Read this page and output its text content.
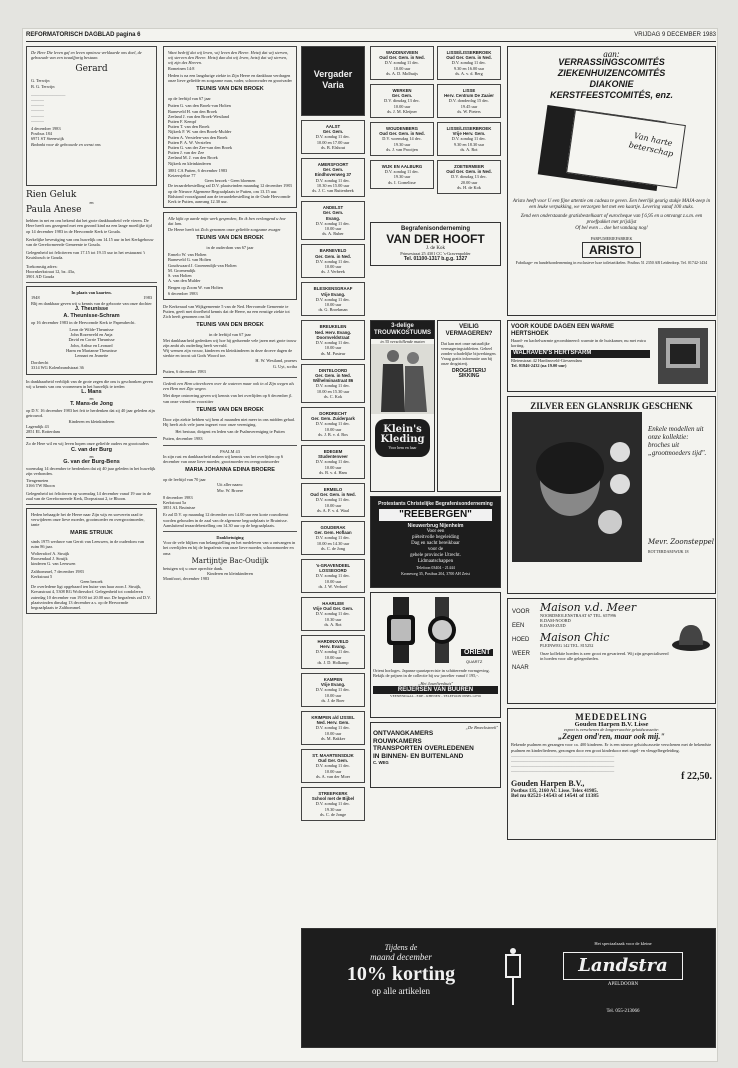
REFORMATORISCH DAGBLAD pagina 6	VRIJDAG 9 DECEMBER 1983
De Here Die leven gaf en leven opnieuw verklaarde ons doel, de gebouwde van een twaalfjarig bestaan.
Gerard
G. Terwijn
B. G. Terwijn
————————
———
———
———
———
———
4 december 1983
Postbus 184
6971 ST Steenwijk
Bedankt voor de gebouwde en wenst ons
Rien Geluk
en
Paula Anese
hebben in net en ons bekend dat het grote dankbaarheid vele vieren. De Here heeft ons gezegend met een gezond kind na een lange moeilijke tijd op 14 december 1983 in de Hervormde Kerk te Gouda.
Kerkelijke bevestiging van ons huwelijk om 14.15 uur in het Kerkgebouw van de Gereformeerde Gemeente te Gouda.
Gelegenheid tot feliciteren van 17.15 tot 19.15 uur in het restaurant 't Kruisbosch te Gouda.
Toekomstig adres:
Hoornkerkstraat 12, bz. 43a,
3901 AD Gouda
In plaats van kaarten.
1948	1983
Blij en dankbaar geven wij u kennis van de geboorte van onze dochter
J. Theunisse
A. Theunisse-Schram
op 16 december 1983 in de Hervormde Kerk te Papendrecht.
Leon de Wilde-Theunisse
John Rozenveld en Anja
David en Corrie Theunisse
John, Arthur en Leonard
Harm en Marianne Theunisse
Lennart en Jeanette
Dordrecht
3314 WG Kolenbrandstraat 36
In dankbaarheid verblijdt van de grote zegen die ons is geschonken geven wij u kennis van ons voornemen in het huwelijk te treden
L. Mans
en
T. Mans-de Jong
op D.V. 16 december 1983 het feit te herdenken dat zij 40 jaar geleden zijn getrouwd.
Kinderen en kleinkinderen
Lagendijk 43
2851 EL Rotterdam
Zo de Here wil en wij leven hopen onze geliefde ouders en grootouders
C. van der Burg
en
G. van der Burg-Bens
woensdag 14 december te herdenken dat zij 40 jaar geleden in het huwelijk zijn verbonden.
Tiengemeten
3166 TW Rhoon
Gelegenheid tot feliciteren op woensdag 14 december vanaf 19 uur in de zaal van de Gereformeerde Kerk, Dorpsstraat 2, te Rhoon.
Heden behaagde het de Heere naar Zijn wijs en soeverein raad te verwijderen onze lieve moeder, grootmoeder en overgrootmoeder, tante
MARIE STRUIJK
sinds 1975 weduwe van Gerrit van Leeuwen, in de ouderdom van ruim 86 jaar.
Woltersdorf A. Struijk
Roosendaal J. Struijk
kinderen G. van Leeuwen
Zaltbommel, 7 december 1983
Kerkstraat 5
Geen bezoek
De overledene ligt opgebaard ten huize van haar zoon J. Struijk, Kreuzstraat 4, 5308 RG Woltersdorf. Gelegenheid tot condoleren zaterdag 10 december van 19.00 tot 20.00 uur. De begrafenis zal D.V. plaatsvinden dinsdag 13 december a.s. op de Hervormde begraafplaats te Zaltbommel.
Want bedrijf dat wij leven, wij leven den Heere. Hetzij dat wij sterven, wij sterven den Heere. Hetzij dan dat wij leven, hetzij dat wij sterven, wij zijn des Heeren.
Romeinen 14:8
Heden is na een langdurige ziekte in Zijn Heere en dankbaar verdragen onze lieve geliefde en zorgzame man, vader, schoonvader en grootvader
TEUNIS VAN DEN BROEK
op de leeftijd van 67 jaar
Putten G. van den Broek-van Holten
Barneveld H. van den Broek
Zeeland J. van den Broek-Westland
Putten F. Kempf
Putten T. van den Broek
Nijkerk F. W. van den Broek-Mulder
Putten A. Verstelen-van den Broek
Putten P. A. W. Verstelen
Putten G. van der Zee-van den Broek
Putten J. van der Zee
Zeeland M. J. van den Broek
Nijkerk en kleinkinderen
3881 CA Putten, 6 december 1983
Keizersjeltse 77
Geen bezoek - Geen bloemen
De teraardebestelling zal D.V. plaatsvinden maandag 12 december 1983 op de Nieuwe Algemene Begraafplaats te Putten, om 13.15 uur. Bidstond voorafgaand aan de teraardebestelling in de Oude Hervormde Kerk te Putten, aanvang 12.30 uur.
Alle kijkt op aarde mijn werk gesproken, En ik ben verlangend u hoe dat lam.
De Heere heeft tot Zich genomen onze geliefde zorgzame zwager
TEUNIS VAN DEN BROEK
in de ouderdom van 67 jaar
Ermelo W. van Holten
Barneveld G. van Holten
Goudswaard J. Groenendijk-van Holten
M. Groenendijk
S. van Holten
A. van den Mulder
Bergen op Zoom W. van Holten
6 december 1983
De Kerkeraad van Wijkgemeente 5 van de Ned. Hervormde Gemeente te Putten, geeft met droefheid kennis dat de Heere, na een ernstige ziekte tot Zich heeft genomen ons lid
TEUNIS VAN DEN BROEK
in de leeftijd van 67 jaar
Met dankbaarheid gedenken wij hoe hij gedurende vele jaren met grote trouw zijn ambt als ouderling heeft vervuld.
Wij wensen zijn vrouw, kinderen en kleinkinderen in deze droeve dagen de sterkte en troost uit Gods Woord toe.
H. W. Westland, praeses
G. Uyt, scriba
Putten, 6 december 1983
Gedenk een Hem uitverkoren over de wateren maar ook in al Zijn wegen als een Hem met Zijn wegen.
Met diepe ontroering geven wij kennis van het overlijden op 6 december jl. van onze vriend en voorzitter
TEUNIS VAN DEN BROEK
Door zijn ziekte hebben wij hem al maanden niet meer in ons midden gehad. Hij heeft zich vele jaren ingezet voor onze vereniging.
Het bestuur, dirigent en leden van de Psalmvereniging te Putten
Putten, december 1983
PSALM 43
In zijn rust en dankbaarheid maken wij kennis van het overlijden op 6 december van onze lieve moeder, grootmoeder en overgrootmoeder
MARIA JOHANNA EDINA BROERE
op de leeftijd van 70 jaar
Uit aller naam:
Mw. W. Broere
8 december 1983
Kerkstraat 5a
3851 AL Bruinisse
Er zal D.V. op maandag 12 december om 14.00 uur een korte rouwdienst worden gehouden in de zaal van de algemene begraafplaats te Bruinisse. Aansluitend teraardebestelling om 14.30 uur op de begraafplaats.
Dankbetuiging
Voor de vele blijken van belangstelling en het medeleven van u ontvangen in het overlijden en bij de begrafenis van onze lieve moeder, schoonmoeder en oma
Martijntje Bac-Oudijk
betuigen wij u onze oprechte dank.
Kinderen en kleinkinderen
Montfoort, december 1983
Vergader Varia
AALST
Ger. Gem.
D.V. zondag 11 dec.
10.00 en 17.00 uur
ds. B. Elshout
AMERSFOORT
Ger. Gem.
Eindhovenweg 37
D.V. zondag 11 dec.
10.30 en 15.00 uur
ds. J. C. van Ruitenbeek
ANDELST
Ger. Gem.
Evang.
D.V. zondag 11 dec.
10.00 uur
ds. A. Ruber
BARNEVELD
Ger. Gem. in Ned.
D.V. zondag 11 dec.
10.00 uur
ds. J. Verbeek
BLESKENSGRAAF
Vrije Evang.
D.V. zondag 11 dec.
10.00 uur
ds. G. Broekman
BREUKELEN
Ned. Herv. Evang.
Doornveldstraat
D.V. zondag 11 dec.
10.00 uur
ds. M. Pasteur
DINTELOORD
Ger. Gem. in Ned.
Wilhelminastraat 86
D.V. zondag 11 dec.
10.00 en 15.30 uur
ds. C. Kok
DORDRECHT
Ger. Gem. Zuiderpark
D.V. zondag 11 dec.
10.00 uur
ds. J. B. v. d. Bos
EDEGEM
Studentenveer
D.V. zondag 11 dec.
10.00 uur
ds. B. v. d. Ham
ERMELO
Oud Ger. Gem. in Ned.
D.V. zondag 11 dec.
10.00 uur
ds. A. F. v. d. Waal
GOUDERAK
Ger. Gem. Hoflaan
D.V. zondag 11 dec.
10.00 en 14.30 uur
ds. C. de Jong
's-GRAVENDEEL
LOSSEOORD
D.V. zondag 11 dec.
10.00 uur
ds. J. W. Verhoef
HAARLEM
Vrije Oud Ger. Gem.
D.V. zondag 11 dec.
10.30 uur
ds. A. Rot
HARDINXVELD
Herv. Evang.
D.V. zondag 11 dec.
10.00 uur
ds. J. D. Holkamp
KAMPEN
Vrije Evang.
D.V. zondag 11 dec.
10.00 uur
ds. J. de Boer
KRIMPEN a/d IJSSEL
Ned. Herv. Gem.
D.V. zondag 11 dec.
10.00 uur
ds. M. Bakker
ST. MAARTENSDIJK
Oud Ger. Gem.
D.V. zondag 11 dec.
10.00 uur
ds. A. van der Moer
STREEFKERK
School met de Bijbel
D.V. zondag 11 dec.
19.30 uur
ds. C. de Jonge
WADDINXVEEN
Oud Ger. Gem. in Ned.
D.V. zondag 11 dec.
10.00 uur
ds. A. D. Molhuijs
WERKEN
Ger. Gem.
D.V. dinsdag 13 dec.
10.00 uur
ds. J. M. Kleijner
WOUDENBERG
Oud Ger. Gem. in Ned.
D.V. woensdag 14 dec.
19.30 uur
ds. J. van Prooijen
WIJK EN AALBURG
D.V. zondag 11 dec.
19.30 uur
ds. I. Cornelisse
LISSE/LISSERBROEK
Oud Ger. Gem. in Ned.
D.V. zondag 11 dec.
9.30 en 16.00 uur
ds. A. v. d. Berg
LISSE
Herv. Centrum De Zaaier
D.V. donderdag 15 dec.
19.45 uur
ds. W. Pieters
LISSE/LISSERBROEK
Vrije Herv. Gem.
D.V. zondag 11 dec.
9.30 en 18.30 uur
ds. A. Rot
ZOETERMEER
Oud Ger. Gem. in Ned.
D.V. dinsdag 13 dec.
20.00 uur
ds. H. de Kok
Begrafenisonderneming
VAN DER HOOFT
J. de Kok
Prinsestraat 25 4301 CC 's-Gravenpolder
Tel. 01100-1317 b.g.g. 1327
3-delige TROUWKOSTUUMS
in 35 verschillende maten
Klein's Kleding
Voor hem en haar
VEILIG VERMAGEREN?
Dat kan met onze natuurlijke vermageringstabletten. Geheel zonder schadelijke bijwerkingen. Vraag gratis informatie aan bij onze drogisterij.
DROGISTERIJ SIKKING
Protestants Christelijke Begrafenisonderneming
"REEBERGEN"
Nieuwerbrug Nijenheim
Voor een
piëteitvolle begeleiding
Dag en nacht bereikbaar
voor de
gehele provincie Utrecht.
Lidmaatschappen
Telefoon 03404 - 21444
Kroneweg 35, Postbus 204, 3700 AH Zeist
ORIENT
QUARTZ
Orient horloges. Japanse quartzprecisie in schitterende vormgeving. Bekijk de prijsen in de collectie bij uw juwelier vanaf f 195,-.
„Het Juweliershuis"
REIJERSEN VAN BUUREN
VEENENDAAL - EDE - RHENEN - TELEFOON 08385-14756
„De Broeckstreek"
ONTVANGKAMERS
ROUWKAMERS
TRANSPORTEN OVERLEDENEN
IN BINNEN- EN BUITENLAND
C. WEG
aan:
VERRASSINGSCOMITÉS
ZIEKENHUIZENCOMITÉS
DIAKONIE
KERSTFEESTCOMITÉS, enz.
Van harte beterschap
Aristo heeft voor U een fijne attentie om cadeau te geven. Een heerlijk geurig stukje MAJA-zeep in een leuke verpakking, we verzorgen het met een kaartje. Levering vanaf 100 stuks.
Zend een onderstaande gratisbestelkaart of eurocheque van f 6,95 en u ontvangt z.s.m. een proefpakket met prijslijst
Of bel even ... doe het vandaag nog!
PARFUMERIEFABRIEK
ARISTO
Fabrikage- en handelsonderneming in exclusieve luxe toiletartikelen. Postbus 51 2350 AB Leiderdorp. Tel. 01742-1434
VOOR KOUDE DAGEN EEN WARME HERTSHOEK
Haard- en kachelwarmte gecombineerd: warmte in de huiskamer, nu met extra korting.
WALRAVEN'S HERTSFARM
Bleienstraat 42 Hardinxveld-Giessendam
Tel. 01846-2432 (na 19.00 uur)
ZILVER EEN GLANSRIJK GESCHENK
Enkele modellen uit onze kollektie: broches uit „grootmoeders tijd".
Mevr. Zoonsteppel
ROTTERDAM/WIJK 18
VOOR
EEN
HOED
WEER
NAAR
Maison v.d. Meer
NOORDMOLENSTRAAT 67 TEL. 657996
R.DAM-NOORD
R.DAM-ZUID
Maison Chic
PLEINWEG 142 TEL. 815252
Onze kollektie hoeden is zeer groot en gevarieerd. Wij zijn gespecialiseerd in hoeden voor alle gelegenheden.
MEDEDELING
Gouden Harpen B.V. Lisse
export is verschenen de langverwachte geluidscassette:
„Zegen ond'ren, maar ook mij."
Bekende psalmen en gezangen voor ca. 400 kinderen. Er is een nieuwe geluidscassette verschenen met de bekendste psalmen en kinderliederen, gezongen door een groot kinderkoor met orgel- en vleugelbegeleiding.
————————————————————————
————————————————————————
————————————————————————
————————————————————————	f 22,50.
Gouden Harpen B.V.,
Postbus 135, 2160 AC Lisse. Telex 41985.
Bel nu 02521-14543 of 14541 of 11385
Tijdens de
maand december
10% korting
op alle artikelen
Het speciaalzaak voor de kleine
Landstra
APELDOORN
Tel. 055-213066
